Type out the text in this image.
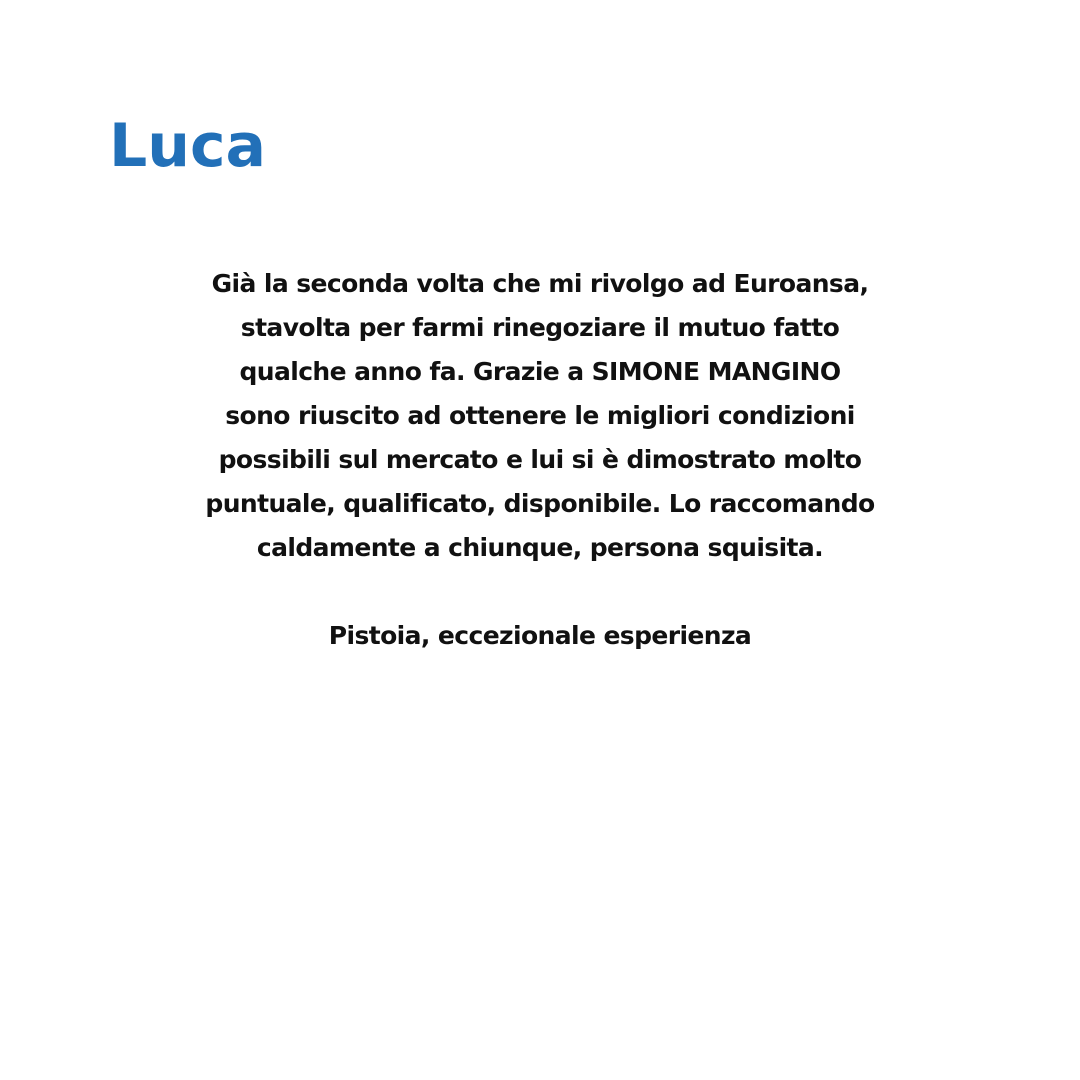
Luca

Già la seconda volta che mi rivolgo ad Euroansa,
stavolta per farmi rinegoziare il mutuo fatto
qualche anno fa. Grazie a SIMONE MANGINO
sono riuscito ad ottenere le migliori condizioni
possibili sul mercato e lui si è dimostrato molto
puntuale, qualificato, disponibile. Lo raccomando
caldamente a chiunque, persona squisita.

Pistoia, eccezionale esperienza
